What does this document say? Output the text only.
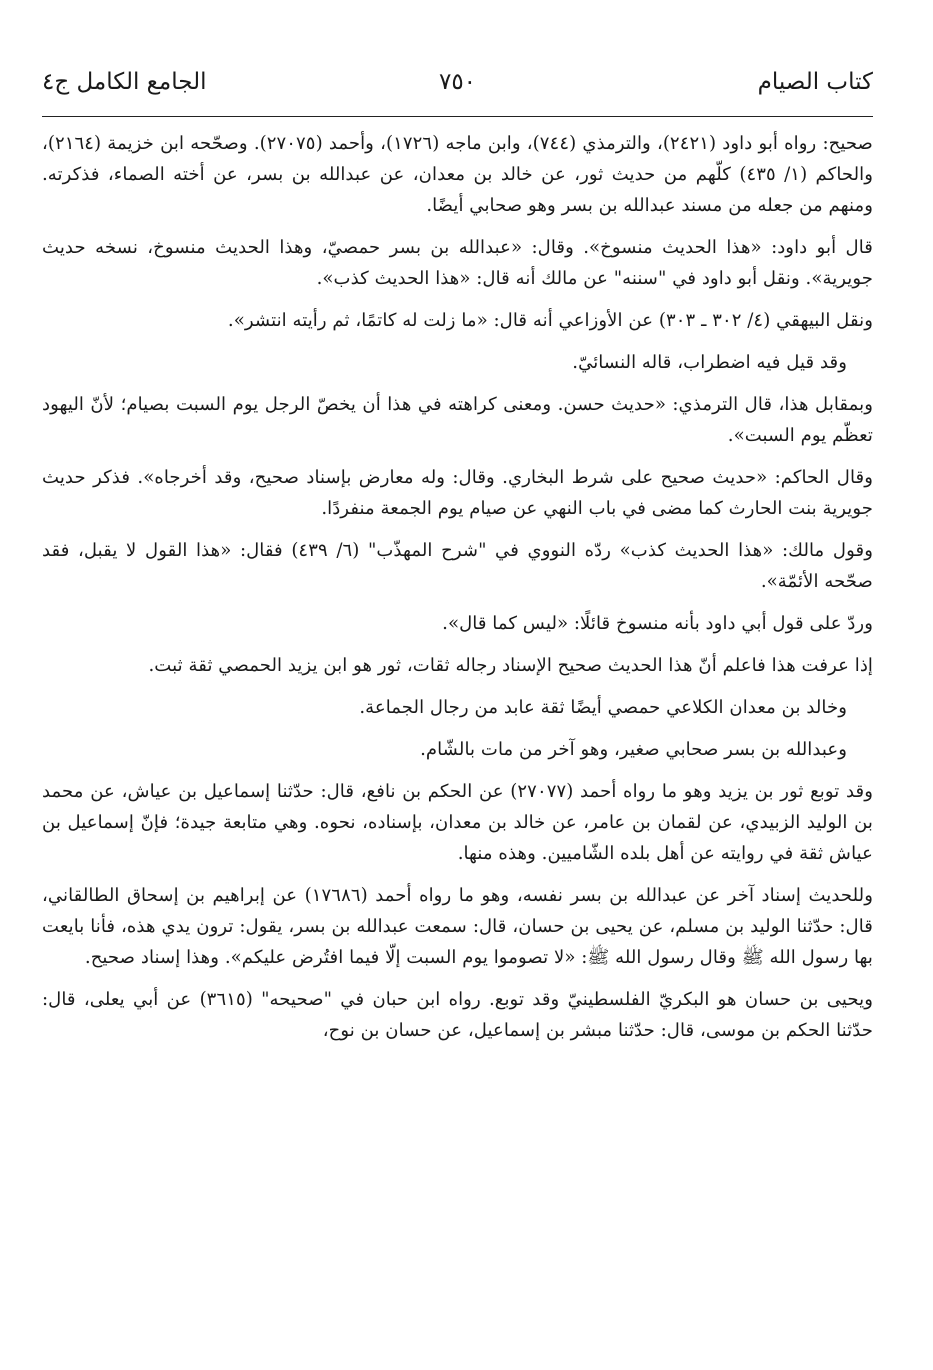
كتاب الصيام
٧٥٠
الجامع الكامل ج٤

صحيح: رواه أبو داود (٢٤٢١)، والترمذي (٧٤٤)، وابن ماجه (١٧٢٦)، وأحمد (٢٧٠٧٥). وصحّحه ابن خزيمة (٢١٦٤)، والحاكم (١/ ٤٣٥) كلّهم من حديث ثور، عن خالد بن معدان، عن عبدالله بن بسر، عن أخته الصماء، فذكرته. ومنهم من جعله من مسند عبدالله بن بسر وهو صحابي أيضًا.

قال أبو داود: «هذا الحديث منسوخ». وقال: «عبدالله بن بسر حمصيّ، وهذا الحديث منسوخ، نسخه حديث جويرية». ونقل أبو داود في "سننه" عن مالك أنه قال: «هذا الحديث كذب».

ونقل البيهقي (٤/ ٣٠٢ ـ ٣٠٣) عن الأوزاعي أنه قال: «ما زلت له كاتمًا، ثم رأيته انتشر».

وقد قيل فيه اضطراب، قاله النسائيّ.

وبمقابل هذا، قال الترمذي: «حديث حسن. ومعنى كراهته في هذا أن يخصّ الرجل يوم السبت بصيام؛ لأنّ اليهود تعظّم يوم السبت».

وقال الحاكم: «حديث صحيح على شرط البخاري. وقال: وله معارض بإسناد صحيح، وقد أخرجاه». فذكر حديث جويرية بنت الحارث كما مضى في باب النهي عن صيام يوم الجمعة منفردًا.

وقول مالك: «هذا الحديث كذب» ردّه النووي في "شرح المهذّب" (٦/ ٤٣٩) فقال: «هذا القول لا يقبل، فقد صحّحه الأئمّة».

وردّ على قول أبي داود بأنه منسوخ قائلًا: «ليس كما قال».

إذا عرفت هذا فاعلم أنّ هذا الحديث صحيح الإسناد رجاله ثقات، ثور هو ابن يزيد الحمصي ثقة ثبت.

وخالد بن معدان الكلاعي حمصي أيضًا ثقة عابد من رجال الجماعة.

وعبدالله بن بسر صحابي صغير، وهو آخر من مات بالشّام.

وقد توبع ثور بن يزيد وهو ما رواه أحمد (٢٧٠٧٧) عن الحكم بن نافع، قال: حدّثنا إسماعيل بن عياش، عن محمد بن الوليد الزبيدي، عن لقمان بن عامر، عن خالد بن معدان، بإسناده، نحوه. وهي متابعة جيدة؛ فإنّ إسماعيل بن عياش ثقة في روايته عن أهل بلده الشّاميين. وهذه منها.

وللحديث إسناد آخر عن عبدالله بن بسر نفسه، وهو ما رواه أحمد (١٧٦٨٦) عن إبراهيم بن إسحاق الطالقاني، قال: حدّثنا الوليد بن مسلم، عن يحيى بن حسان، قال: سمعت عبدالله بن بسر، يقول: ترون يدي هذه، فأنا بايعت بها رسول الله ﷺ وقال رسول الله ﷺ: «لا تصوموا يوم السبت إلّا فيما افتُرض عليكم». وهذا إسناد صحيح.

ويحيى بن حسان هو البكريّ الفلسطينيّ وقد توبع. رواه ابن حبان في "صحيحه" (٣٦١٥) عن أبي يعلى، قال: حدّثنا الحكم بن موسى، قال: حدّثنا مبشر بن إسماعيل، عن حسان بن نوح،
